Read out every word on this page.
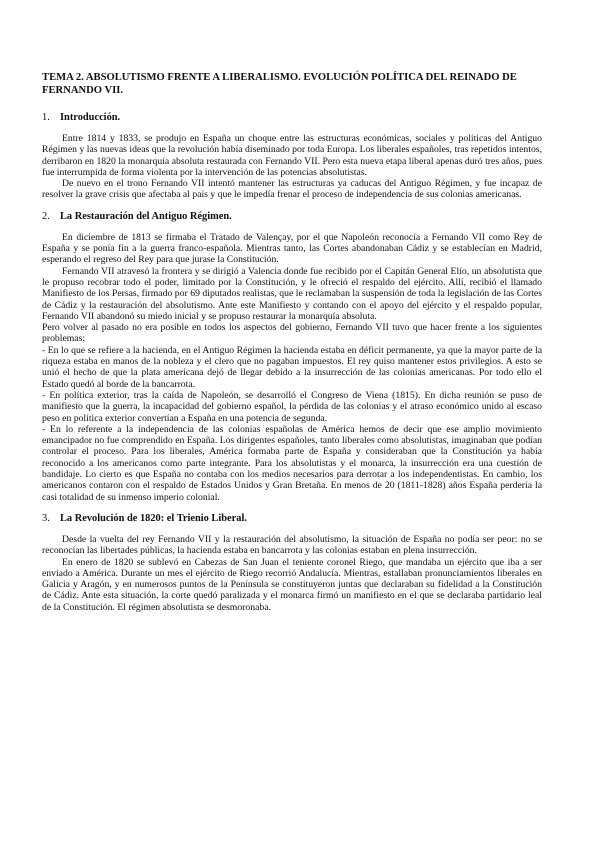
TEMA 2. ABSOLUTISMO FRENTE A LIBERALISMO. EVOLUCIÓN POLÍTICA DEL REINADO DE FERNANDO VII.
1. Introducción.

Entre 1814 y 1833, se produjo en España un choque entre las estructuras económicas, sociales y políticas del Antiguo Régimen y las nuevas ideas que la revolución había diseminado por toda Europa. Los liberales españoles, tras repetidos intentos, derribaron en 1820 la monarquía absoluta restaurada con Fernando VII. Pero esta nueva etapa liberal apenas duró tres años, pues fue interrumpida de forma violenta por la intervención de las potencias absolutistas.

De nuevo en el trono Fernando VII intentó mantener las estructuras ya caducas del Antiguo Régimen, y fue incapaz de resolver la grave crisis que afectaba al país y que le impedía frenar el proceso de independencia de sus colonias americanas.

2. La Restauración del Antiguo Régimen.

En diciembre de 1813 se firmaba el Tratado de Valençay, por el que Napoleón reconocía a Fernando VII como Rey de España y se ponía fin a la guerra franco-española. Mientras tanto, las Cortes abandonaban Cádiz y se establecían en Madrid, esperando el regreso del Rey para que jurase la Constitución.

Fernando VII atravesó la frontera y se dirigió a Valencia donde fue recibido por el Capitán General Elío, un absolutista que le propuso recobrar todo el poder, limitado por la Constitución, y le ofreció el respaldo del ejército. Allí, recibió el llamado Manifiesto de los Persas, firmado por 69 diputados realistas, que le reclamaban la suspensión de toda la legislación de las Cortes de Cádiz y la restauración del absolutismo. Ante este Manifiesto y contando con el apoyo del ejército y el respaldo popular, Fernando VII abandonó su miedo inicial y se propuso restaurar la monarquía absoluta.

Pero volver al pasado no era posible en todos los aspectos del gobierno, Fernando VII tuvo que hacer frente a los siguientes problemas:

- En lo que se refiere a la hacienda, en el Antiguo Régimen la hacienda estaba en déficit permanente, ya que la mayor parte de la riqueza estaba en manos de la nobleza y el clero que no pagaban impuestos. El rey quiso mantener estos privilegios. A esto se unió el hecho de que la plata americana dejó de llegar debido a la insurrección de las colonias americanas. Por todo ello el Estado quedó al borde de la bancarrota.

- En política exterior, tras la caída de Napoleón, se desarrolló el Congreso de Viena (1815). En dicha reunión se puso de manifiesto que la guerra, la incapacidad del gobierno español, la pérdida de las colonias y el atraso económico unido al escaso peso en política exterior convertían a España en una potencia de segunda.

- En lo referente a la independencia de las colonias españolas de América hemos de decir que ese amplio movimiento emancipador no fue comprendido en España. Los dirigentes españoles, tanto liberales como absolutistas, imaginaban que podían controlar el proceso. Para los liberales, América formaba parte de España y consideraban que la Constitución ya había reconocido a los americanos como parte integrante. Para los absolutistas y el monarca, la insurrección era una cuestión de bandidaje. Lo cierto es que España no contaba con los medios necesarios para derrotar a los independentistas. En cambio, los americanos contaron con el respaldo de Estados Unidos y Gran Bretaña. En menos de 20 (1811-1828) años España perdería la casi totalidad de su inmenso imperio colonial.

3. La Revolución de 1820: el Trienio Liberal.

Desde la vuelta del rey Fernando VII y la restauración del absolutismo, la situación de España no podía ser peor: no se reconocían las libertades públicas, la hacienda estaba en bancarrota y las colonias estaban en plena insurrección.

En enero de 1820 se sublevó en Cabezas de San Juan el teniente coronel Riego, que mandaba un ejército que iba a ser enviado a América. Durante un mes el ejército de Riego recorrió Andalucía. Mientras, estallaban pronunciamientos liberales en Galicia y Aragón, y en numerosos puntos de la Península se constituyeron juntas que declaraban su fidelidad a la Constitución de Cádiz. Ante esta situación, la corte quedó paralizada y el monarca firmó un manifiesto en el que se declaraba partidario leal de la Constitución. El régimen absolutista se desmoronaba.
